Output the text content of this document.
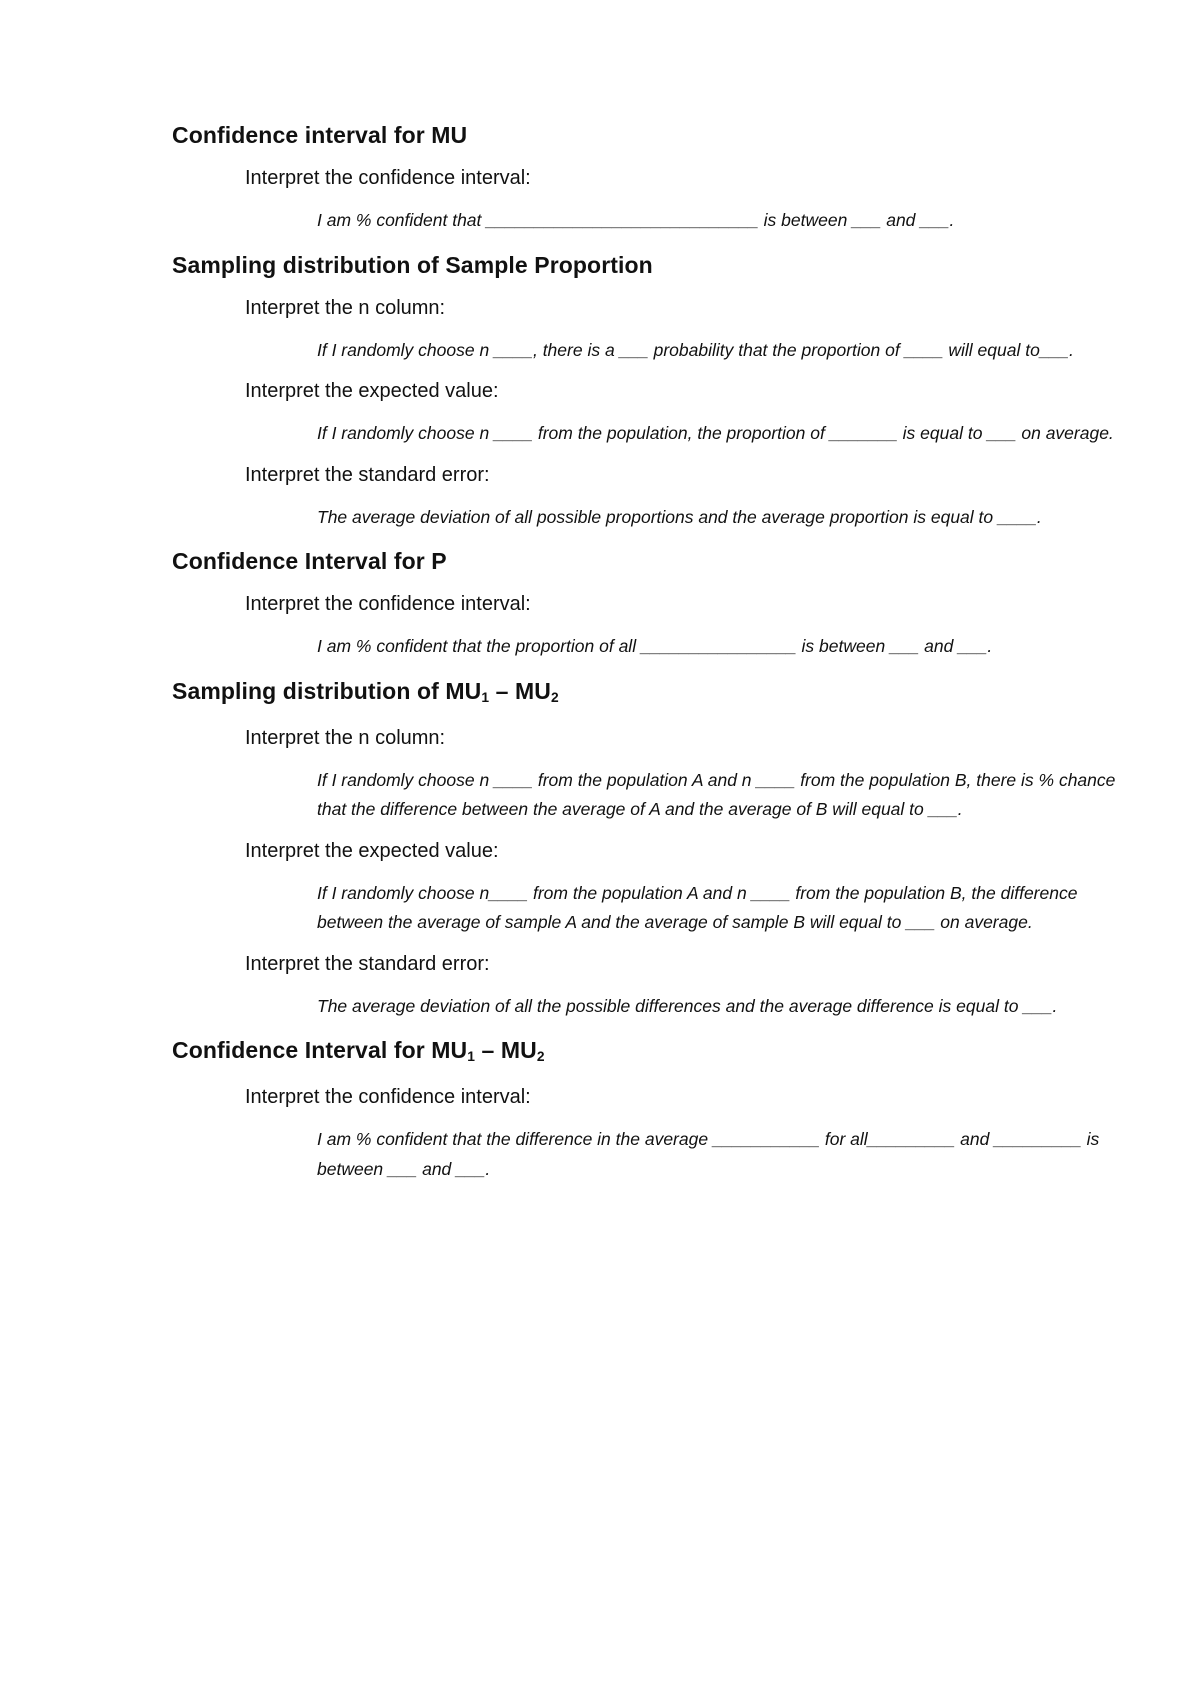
Confidence interval for MU
Interpret the confidence interval:
I am % confident that ____________________________ is between ___ and ___.
Sampling distribution of Sample Proportion
Interpret the n column:
If I randomly choose n ____, there is a ___ probability that the proportion of ____ will equal to___.
Interpret the expected value:
If I randomly choose n ____ from the population, the proportion of _______ is equal to ___ on average.
Interpret the standard error:
The average deviation of all possible proportions and the average proportion is equal to ____.
Confidence Interval for P
Interpret the confidence interval:
I am % confident that the proportion of all ________________ is between ___ and ___.
Sampling distribution of $MU_1 - MU_2$
Interpret the n column:
If I randomly choose n ____ from the population A and n ____ from the population B, there is % chance that the difference between the average of A and the average of B will equal to ___.
Interpret the expected value:
If I randomly choose n____ from the population A and n ____ from the population B, the difference between the average of sample A and the average of sample B will equal to ___ on average.
Interpret the standard error:
The average deviation of all the possible differences and the average difference is equal to ___.
Confidence Interval for $MU_1 - MU_2$
Interpret the confidence interval:
I am % confident that the difference in the average ___________ for all_________ and _________ is between ___ and ___.
